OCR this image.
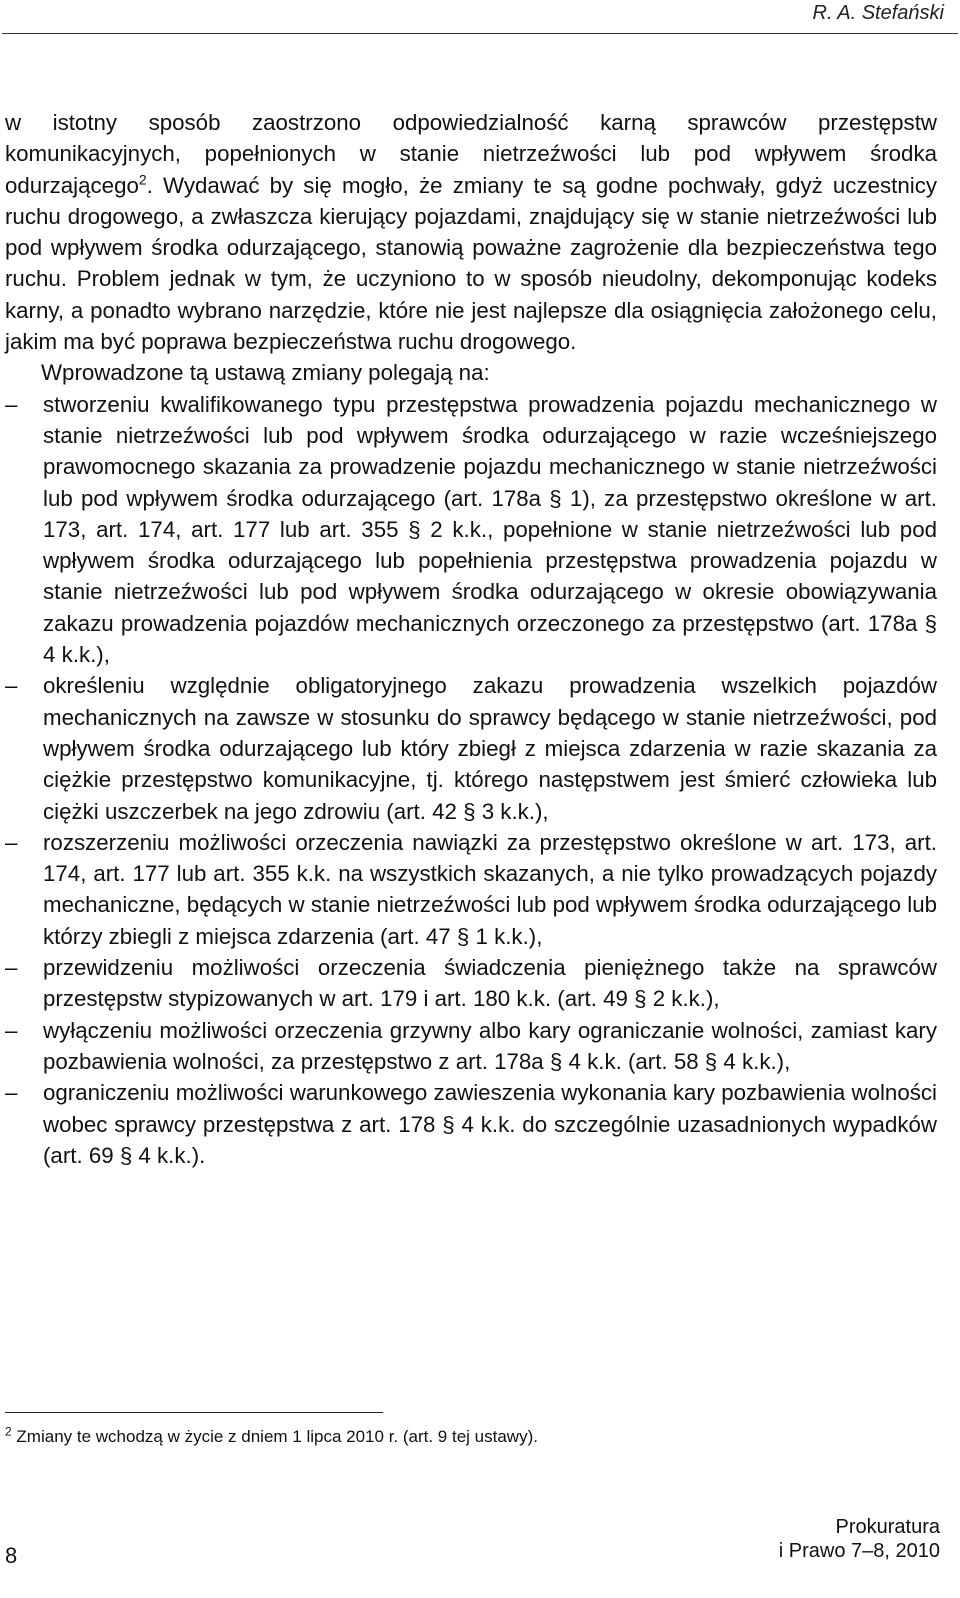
R. A. Stefański

w istotny sposób zaostrzono odpowiedzialność karną sprawców przestępstw komunikacyjnych, popełnionych w stanie nietrzeźwości lub pod wpływem środka odurzającego$^2$. Wydawać by się mogło, że zmiany te są godne pochwały, gdyż uczestnicy ruchu drogowego, a zwłaszcza kierujący pojazdami, znajdujący się w stanie nietrzeźwości lub pod wpływem środka odurzającego, stanowią poważne zagrożenie dla bezpieczeństwa tego ruchu. Problem jednak w tym, że uczyniono to w sposób nieudolny, dekomponując kodeks karny, a ponadto wybrano narzędzie, które nie jest najlepsze dla osiągnięcia założonego celu, jakim ma być poprawa bezpieczeństwa ruchu drogowego.

Wprowadzone tą ustawą zmiany polegają na:

–	stworzeniu kwalifikowanego typu przestępstwa prowadzenia pojazdu mechanicznego w stanie nietrzeźwości lub pod wpływem środka odurzającego w razie wcześniejszego prawomocnego skazania za prowadzenie pojazdu mechanicznego w stanie nietrzeźwości lub pod wpływem środka odurzającego (art. 178a § 1), za przestępstwo określone w art. 173, art. 174, art. 177 lub art. 355 § 2 k.k., popełnione w stanie nietrzeźwości lub pod wpływem środka odurzającego lub popełnienia przestępstwa prowadzenia pojazdu w stanie nietrzeźwości lub pod wpływem środka odurzającego w okresie obowiązywania zakazu prowadzenia pojazdów mechanicznych orzeczonego za przestępstwo (art. 178a § 4 k.k.),
–	określeniu względnie obligatoryjnego zakazu prowadzenia wszelkich pojazdów mechanicznych na zawsze w stosunku do sprawcy będącego w stanie nietrzeźwości, pod wpływem środka odurzającego lub który zbiegł z miejsca zdarzenia w razie skazania za ciężkie przestępstwo komunikacyjne, tj. którego następstwem jest śmierć człowieka lub ciężki uszczerbek na jego zdrowiu (art. 42 § 3 k.k.),
–	rozszerzeniu możliwości orzeczenia nawiązki za przestępstwo określone w art. 173, art. 174, art. 177 lub art. 355 k.k. na wszystkich skazanych, a nie tylko prowadzących pojazdy mechaniczne, będących w stanie nietrzeźwości lub pod wpływem środka odurzającego lub którzy zbiegli z miejsca zdarzenia (art. 47 § 1 k.k.),
–	przewidzeniu możliwości orzeczenia świadczenia pieniężnego także na sprawców przestępstw stypizowanych w art. 179 i art. 180 k.k. (art. 49 § 2 k.k.),
–	wyłączeniu możliwości orzeczenia grzywny albo kary ograniczanie wolności, zamiast kary pozbawienia wolności, za przestępstwo z art. 178a § 4 k.k. (art. 58 § 4 k.k.),
–	ograniczeniu możliwości warunkowego zawieszenia wykonania kary pozbawienia wolności wobec sprawcy przestępstwa z art. 178 § 4 k.k. do szczególnie uzasadnionych wypadków (art. 69 § 4 k.k.).
$^2$ Zmiany te wchodzą w życie z dniem 1 lipca 2010 r. (art. 9 tej ustawy).
8
Prokuratura
i Prawo 7–8, 2010
